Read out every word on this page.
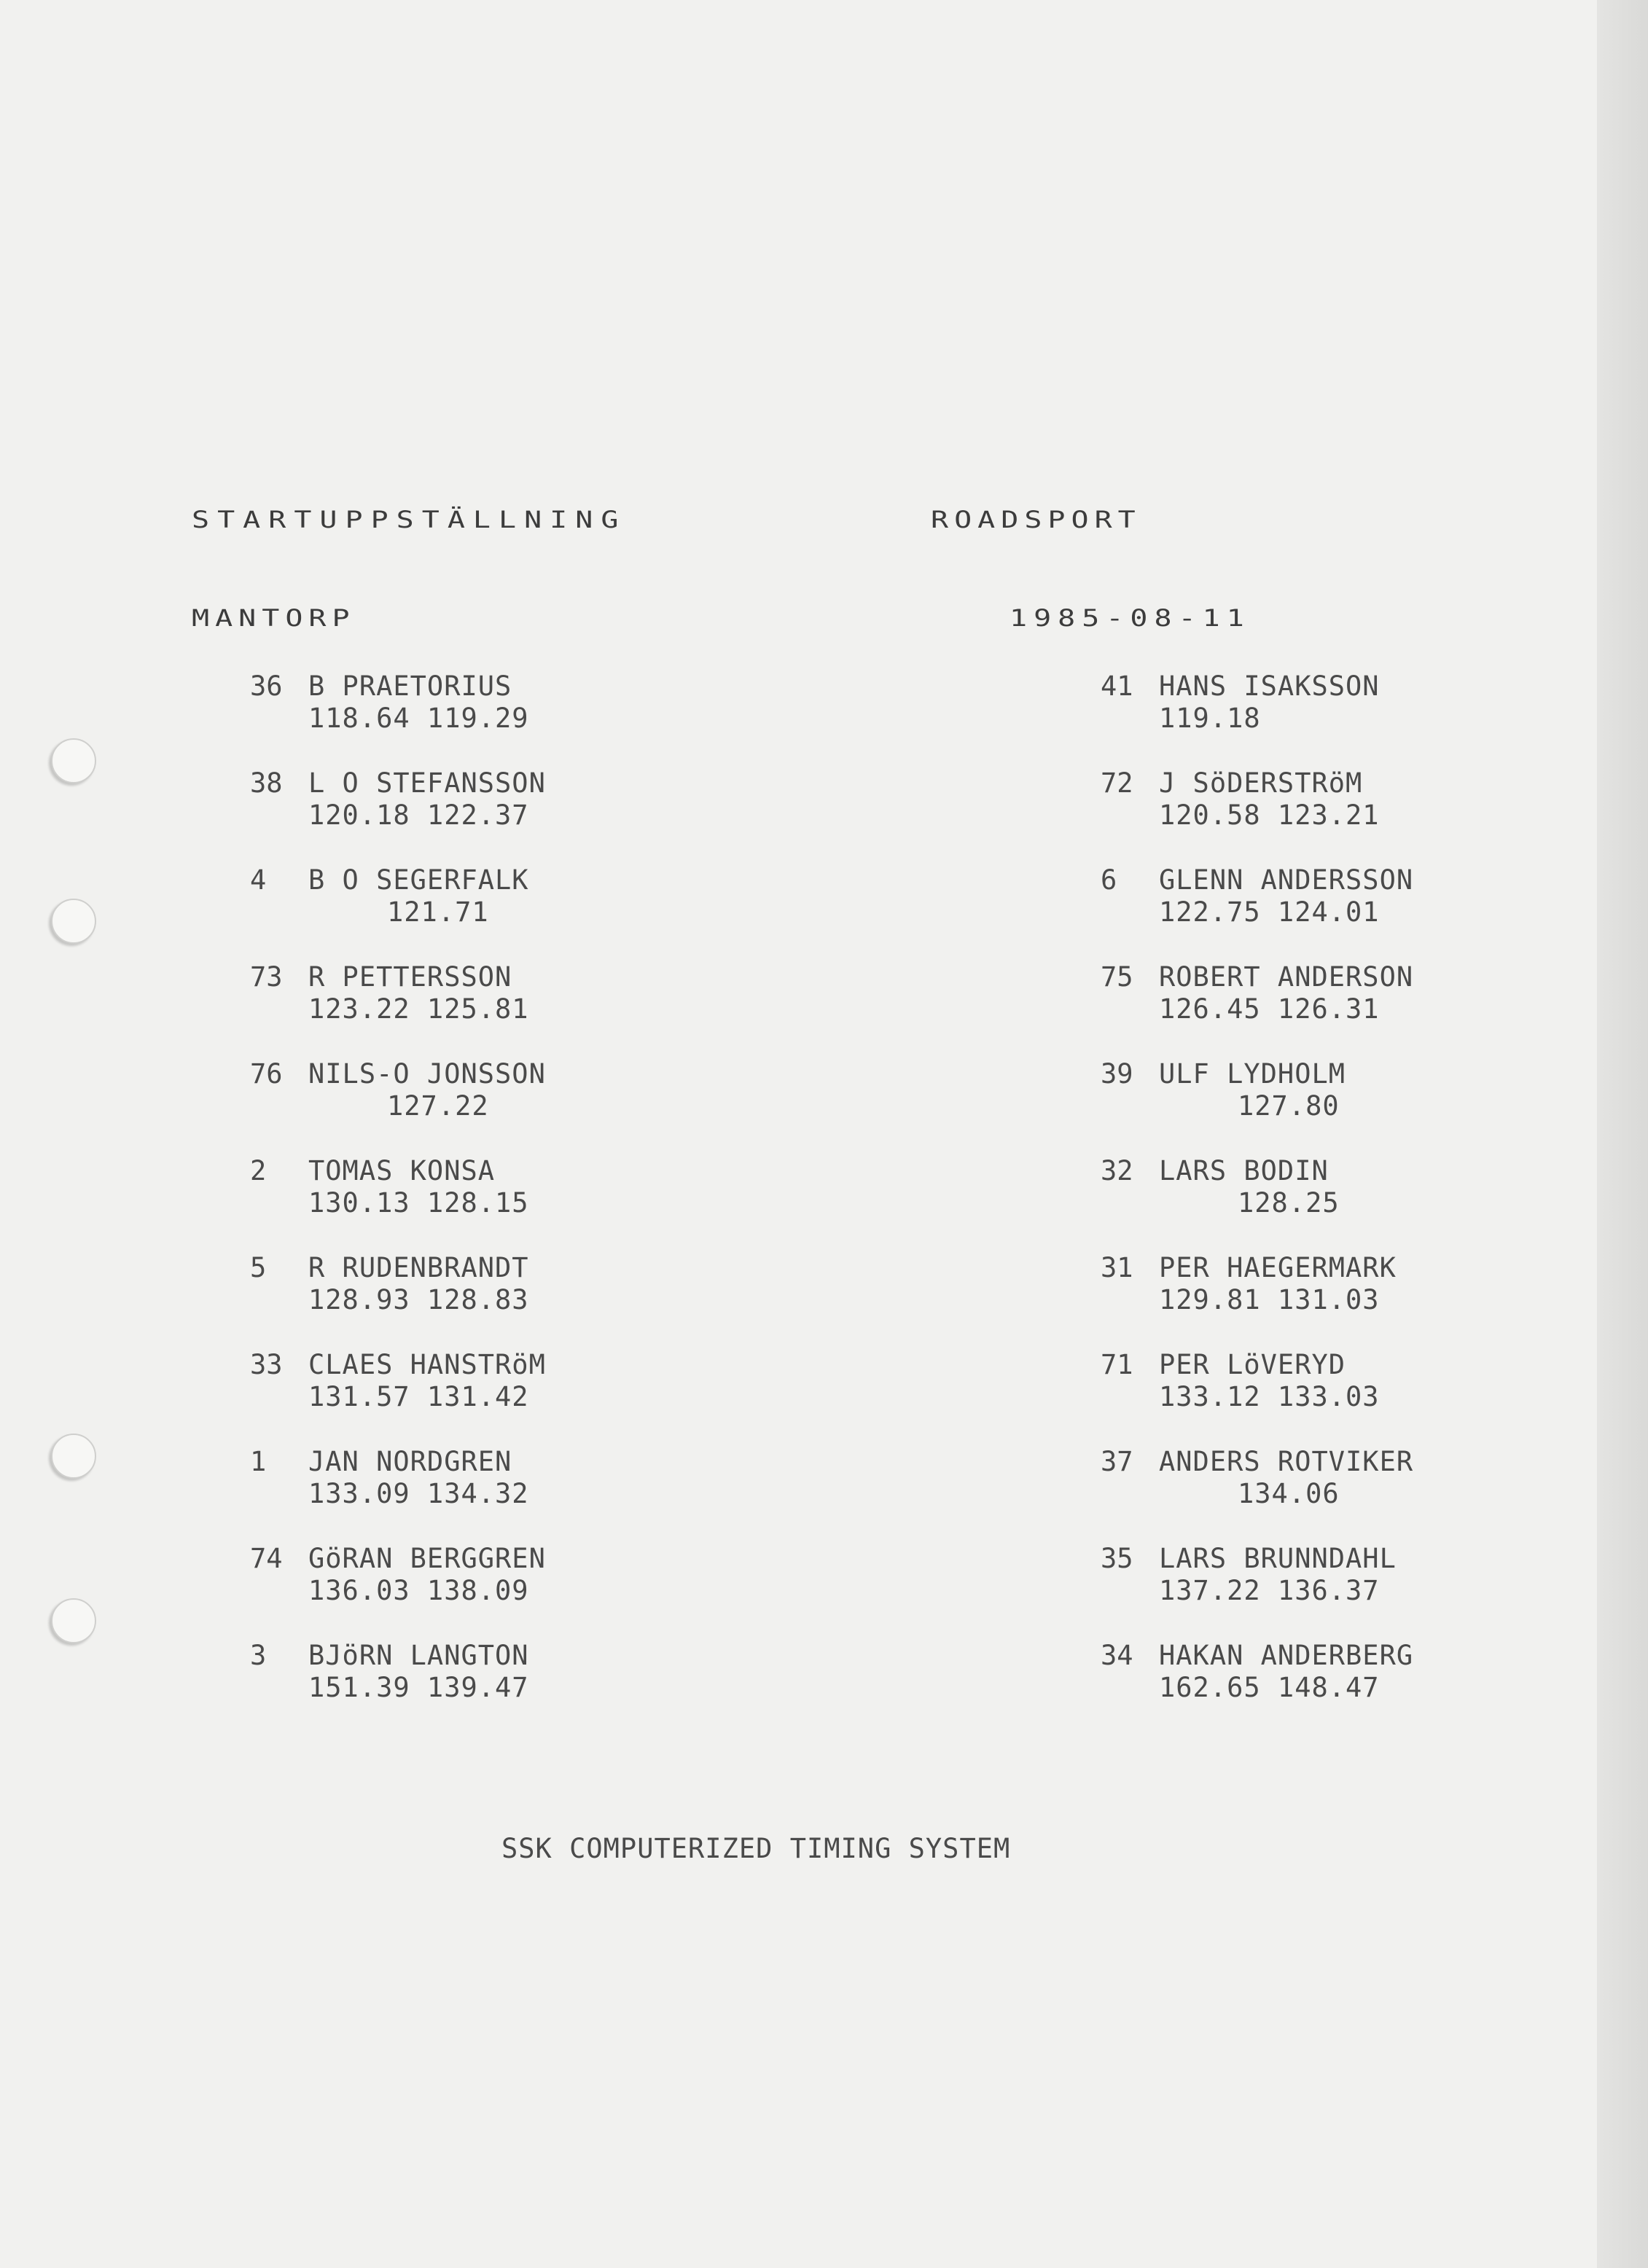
STARTUPPSTÄLLNING	ROADSPORT
MANTORP	1985-08-11
36 B PRAETORIUS
118.64 119.29
38 L O STEFANSSON
120.18 122.37
4 B O SEGERFALK
121.71
73 R PETTERSSON
123.22 125.81
76 NILS-O JONSSON
127.22
2 TOMAS KONSA
130.13 128.15
5 R RUDENBRANDT
128.93 128.83
33 CLAES HANSTRöM
131.57 131.42
1 JAN NORDGREN
133.09 134.32
74 GöRAN BERGGREN
136.03 138.09
3 BJöRN LANGTON
151.39 139.47
41 HANS ISAKSSON
119.18
72 J SöDERSTRöM
120.58 123.21
6 GLENN ANDERSSON
122.75 124.01
75 ROBERT ANDERSON
126.45 126.31
39 ULF LYDHOLM
127.80
32 LARS BODIN
128.25
31 PER HAEGERMARK
129.81 131.03
71 PER LöVERYD
133.12 133.03
37 ANDERS ROTVIKER
134.06
35 LARS BRUNNDAHL
137.22 136.37
34 HAKAN ANDERBERG
162.65 148.47
SSK COMPUTERIZED TIMING SYSTEM
